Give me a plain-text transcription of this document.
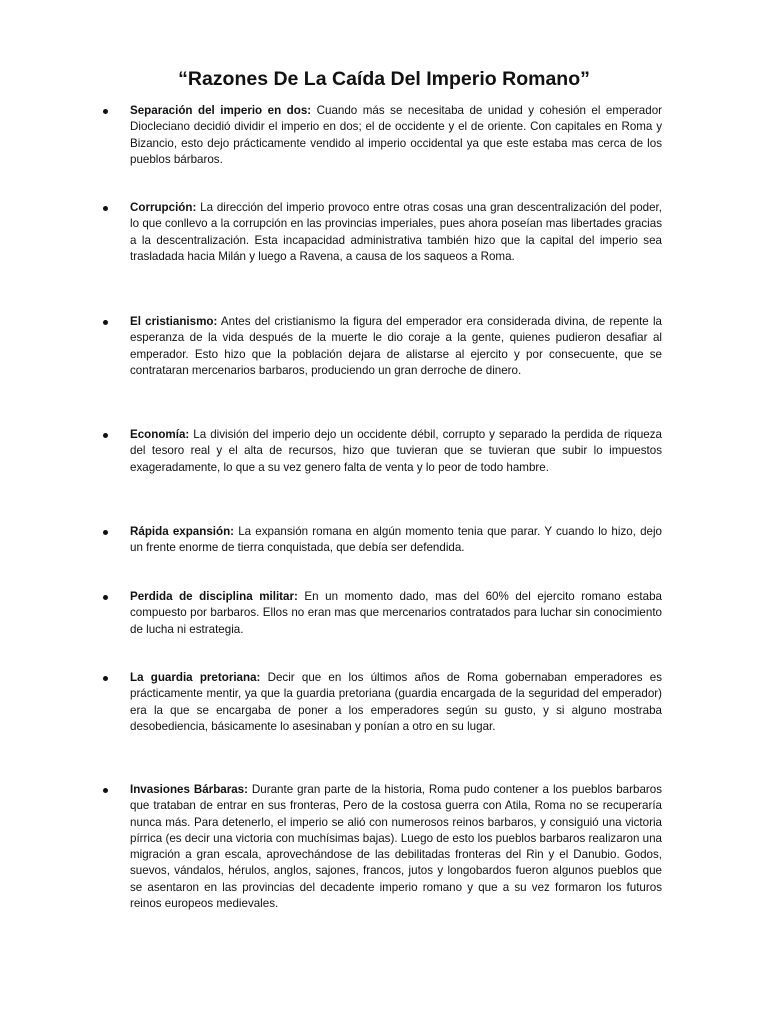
“Razones De La Caída Del Imperio Romano”

Separación del imperio en dos: Cuando más se necesitaba de unidad y cohesión el emperador Diocleciano decidió dividir el imperio en dos; el de occidente y el de oriente. Con capitales en Roma y Bizancio, esto dejo prácticamente vendido al imperio occidental ya que este estaba mas cerca de los pueblos bárbaros.

Corrupción: La dirección del imperio provoco entre otras cosas una gran descentralización del poder, lo que conllevo a la corrupción en las provincias imperiales, pues ahora poseían mas libertades gracias a la descentralización. Esta incapacidad administrativa también hizo que la capital del imperio sea trasladada hacia Milán y luego a Ravena, a causa de los saqueos a Roma.

El cristianismo: Antes del cristianismo la figura del emperador era considerada divina, de repente la esperanza de la vida después de la muerte le dio coraje a la gente, quienes pudieron desafiar al emperador. Esto hizo que la población dejara de alistarse al ejercito y por consecuente, que se contrataran mercenarios barbaros, produciendo un gran derroche de dinero.

Economía: La división del imperio dejo un occidente débil, corrupto y separado la perdida de riqueza del tesoro real y el alta de recursos, hizo que tuvieran que se tuvieran que subir lo impuestos exageradamente, lo que a su vez genero falta de venta y lo peor de todo hambre.

Rápida expansión: La expansión romana en algún momento tenia que parar. Y cuando lo hizo, dejo un frente enorme de tierra conquistada, que debía ser defendida.

Perdida de disciplina militar: En un momento dado, mas del 60% del ejercito romano estaba compuesto por barbaros. Ellos no eran mas que mercenarios contratados para luchar sin conocimiento de lucha ni estrategia.

La guardia pretoriana: Decir que en los últimos años de Roma gobernaban emperadores es prácticamente mentir, ya que la guardia pretoriana (guardia encargada de la seguridad del emperador) era la que se encargaba de poner a los emperadores según su gusto, y si alguno mostraba desobediencia, básicamente lo asesinaban y ponían a otro en su lugar.

Invasiones Bárbaras: Durante gran parte de la historia, Roma pudo contener a los pueblos barbaros que trataban de entrar en sus fronteras, Pero de la costosa guerra con Atila, Roma no se recuperaría nunca más. Para detenerlo, el imperio se alió con numerosos reinos barbaros, y consiguió una victoria pírrica (es decir una victoria con muchísimas bajas). Luego de esto los pueblos barbaros realizaron una migración a gran escala, aprovechándose de las debilitadas fronteras del Rin y el Danubio. Godos, suevos, vándalos, hérulos, anglos, sajones, francos, jutos y longobardos fueron algunos pueblos que se asentaron en las provincias del decadente imperio romano y que a su vez formaron los futuros reinos europeos medievales.
